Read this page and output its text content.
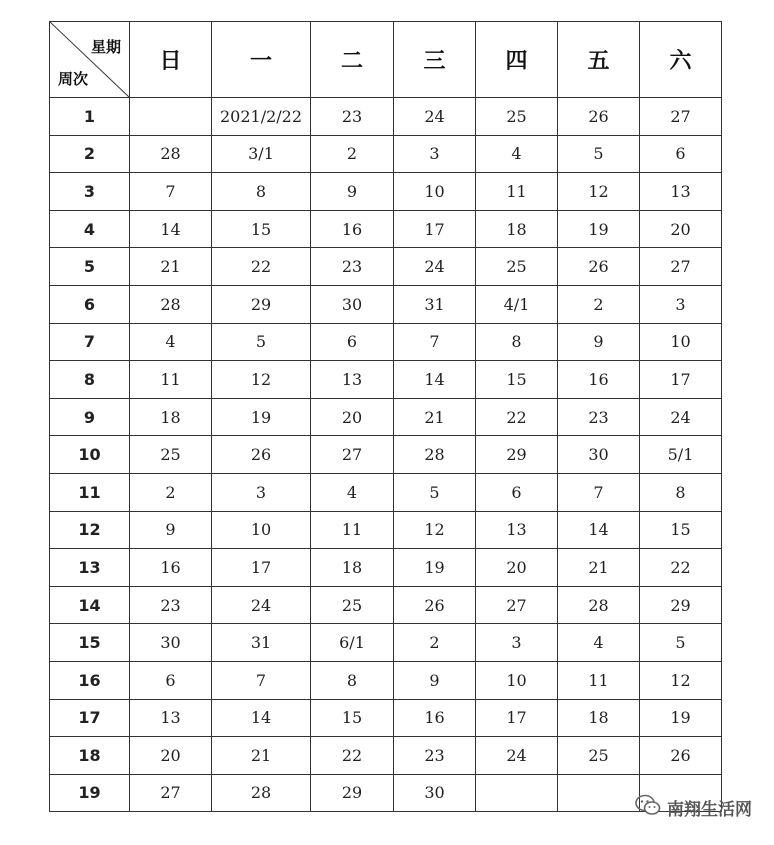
星期
周次	日	一	二	三	四	五	六
1		2021/2/22	23	24	25	26	27
2	28	3/1	2	3	4	5	6
3	7	8	9	10	11	12	13
4	14	15	16	17	18	19	20
5	21	22	23	24	25	26	27
6	28	29	30	31	4/1	2	3
7	4	5	6	7	8	9	10
8	11	12	13	14	15	16	17
9	18	19	20	21	22	23	24
10	25	26	27	28	29	30	5/1
11	2	3	4	5	6	7	8
12	9	10	11	12	13	14	15
13	16	17	18	19	20	21	22
14	23	24	25	26	27	28	29
15	30	31	6/1	2	3	4	5
16	6	7	8	9	10	11	12
17	13	14	15	16	17	18	19
18	20	21	22	23	24	25	26
19	27	28	29	30			
南翔生活网
